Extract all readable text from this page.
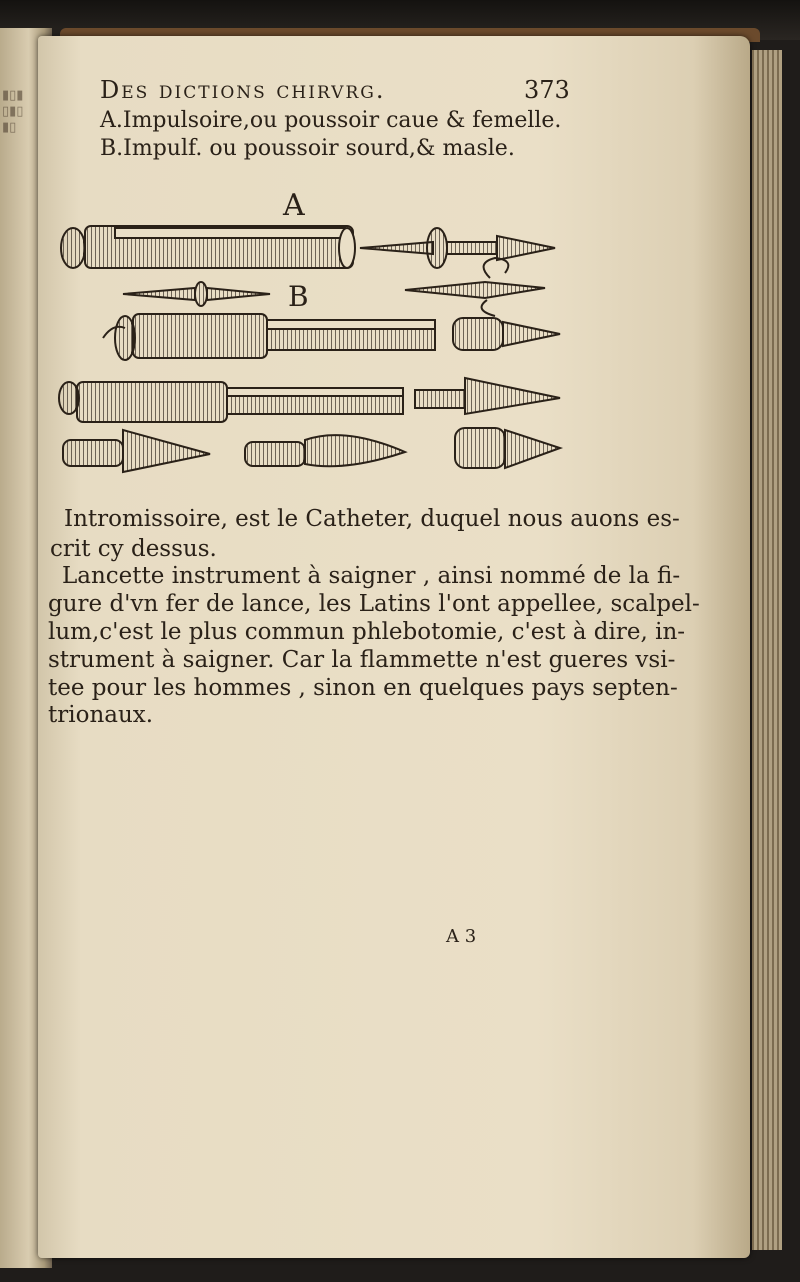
▮▯▮
▯▮▯
▮▯
Des dictions chirvrg.	373
A.Impulsoire,ou poussoir caue & femelle.
B.Impulf. ou poussoir sourd,& masle.
A
B
Intromissoire, est le Catheter, duquel nous auons es-
crit cy dessus.
Lancette instrument à saigner , ainsi nommé de la fi-
gure d'vn fer de lance, les Latins l'ont appellee, scalpel-
lum,c'est le plus commun phlebotomie, c'est à dire, in-
strument à saigner. Car la flammette n'est gueres vsi-
tee pour les hommes , sinon en quelques pays septen-
trionaux.
A 3
